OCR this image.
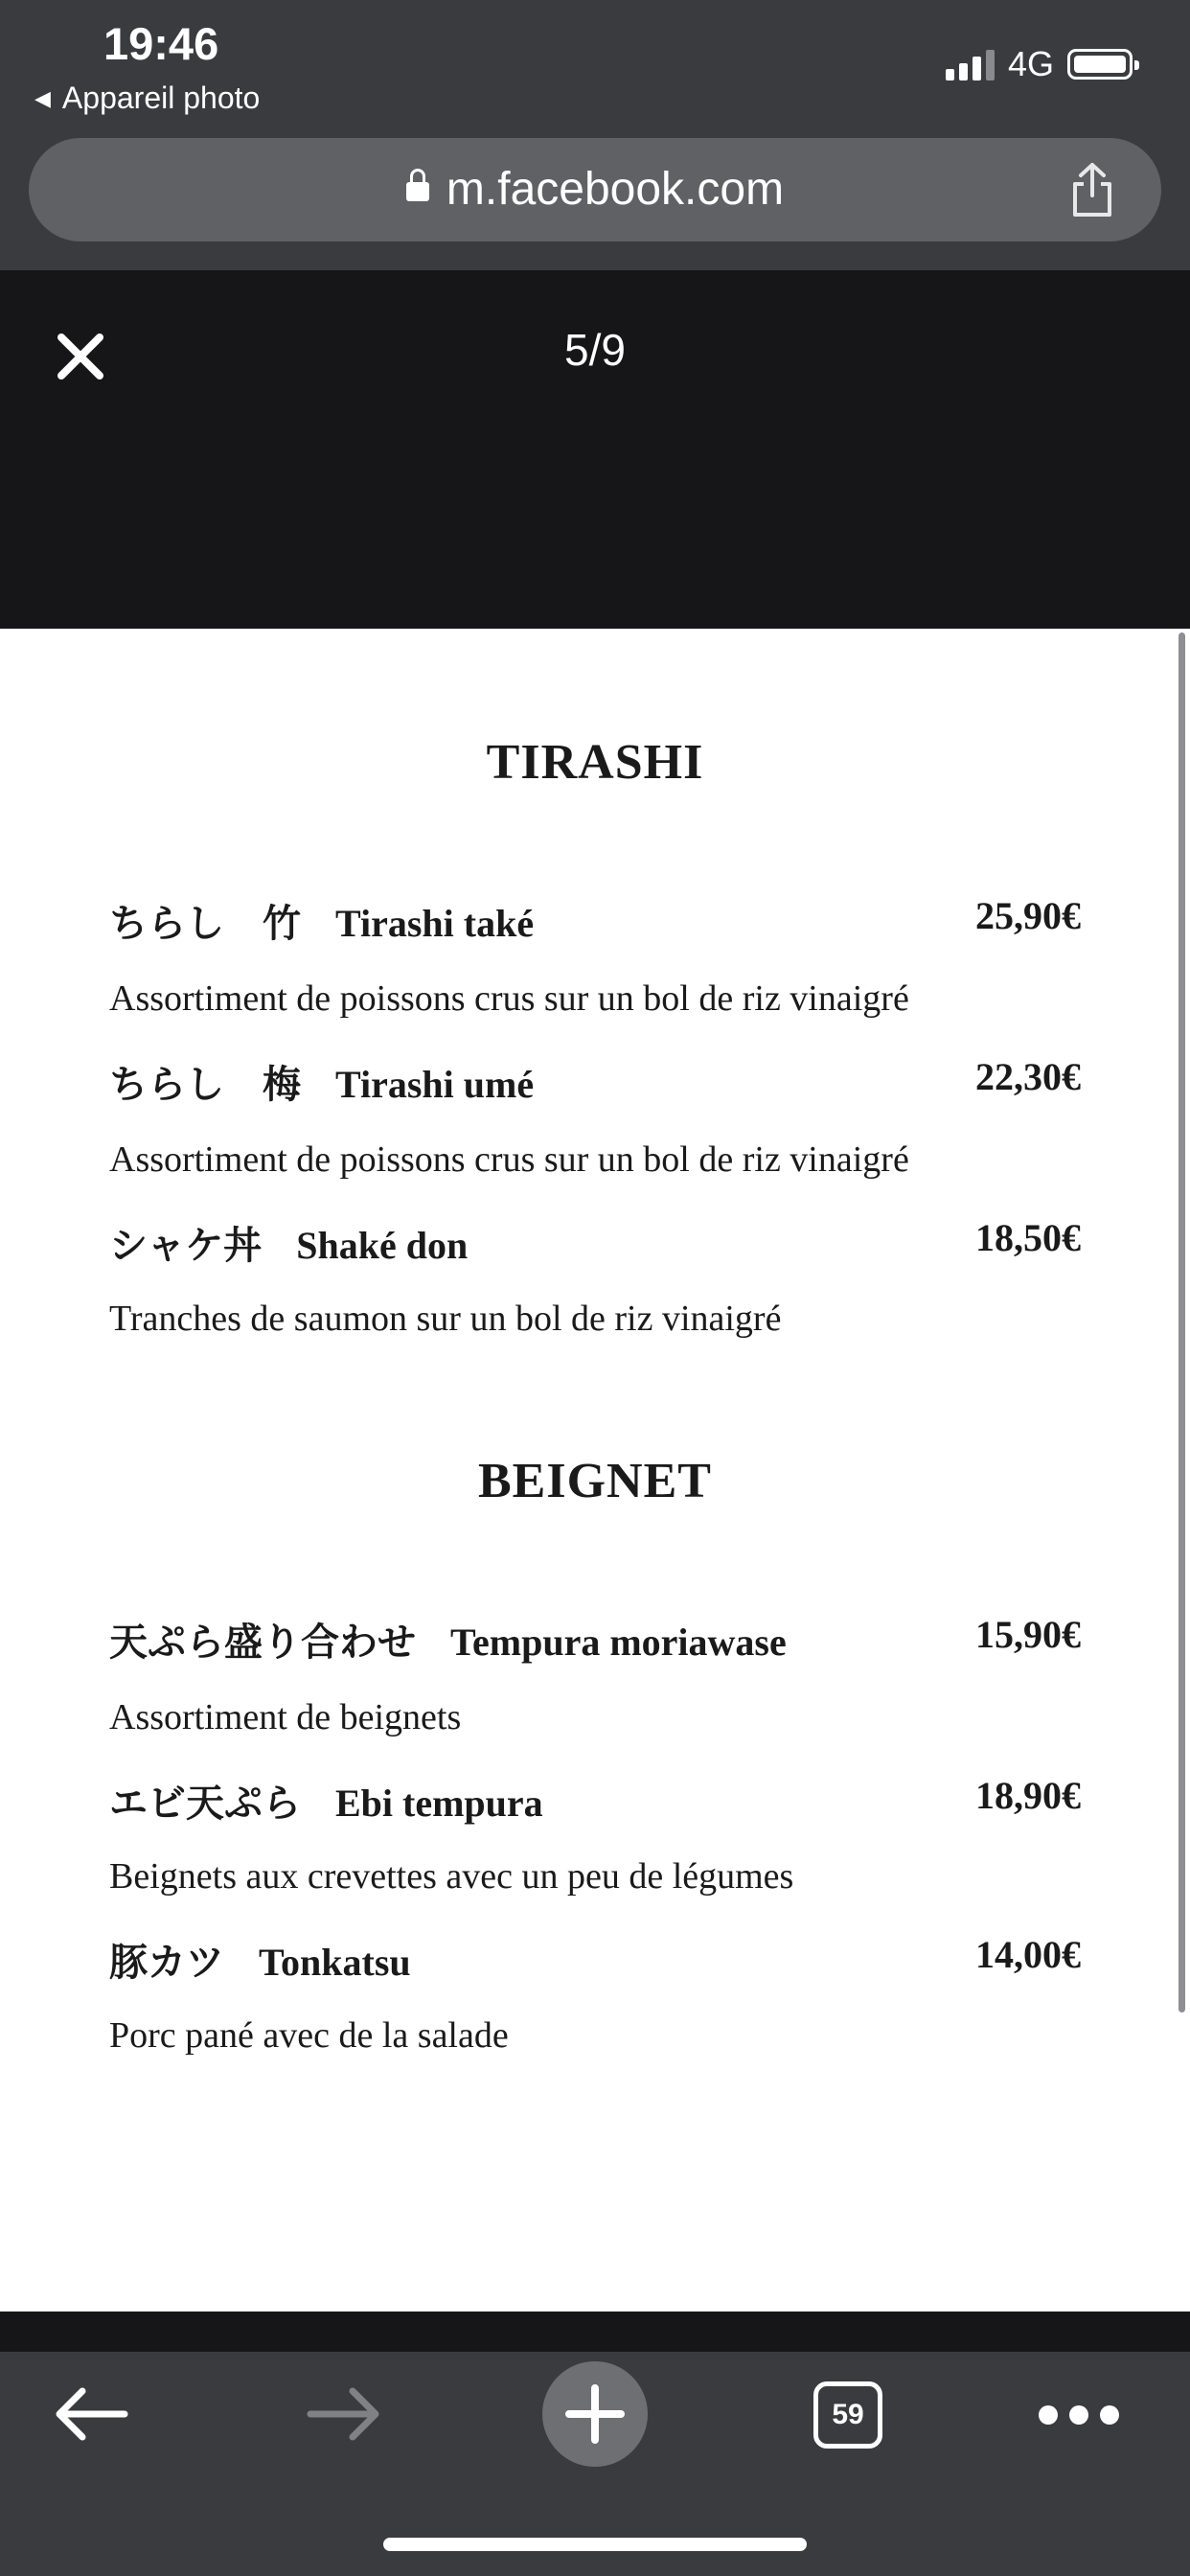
19:46
◀ Appareil photo
4G
m.facebook.com
5/9
TIRASHI
ちらし　竹 Tirashi také	25,90€
Assortiment de poissons crus sur un bol de riz vinaigré
ちらし　梅 Tirashi umé	22,30€
Assortiment de poissons crus sur un bol de riz vinaigré
シャケ丼 Shaké don	18,50€
Tranches de saumon sur un bol de riz vinaigré
BEIGNET
天ぷら盛り合わせ Tempura moriawase	15,90€
Assortiment de beignets
エビ天ぷら Ebi tempura	18,90€
Beignets aux crevettes avec un peu de légumes
豚カツ Tonkatsu	14,00€
Porc pané avec de la salade
59
